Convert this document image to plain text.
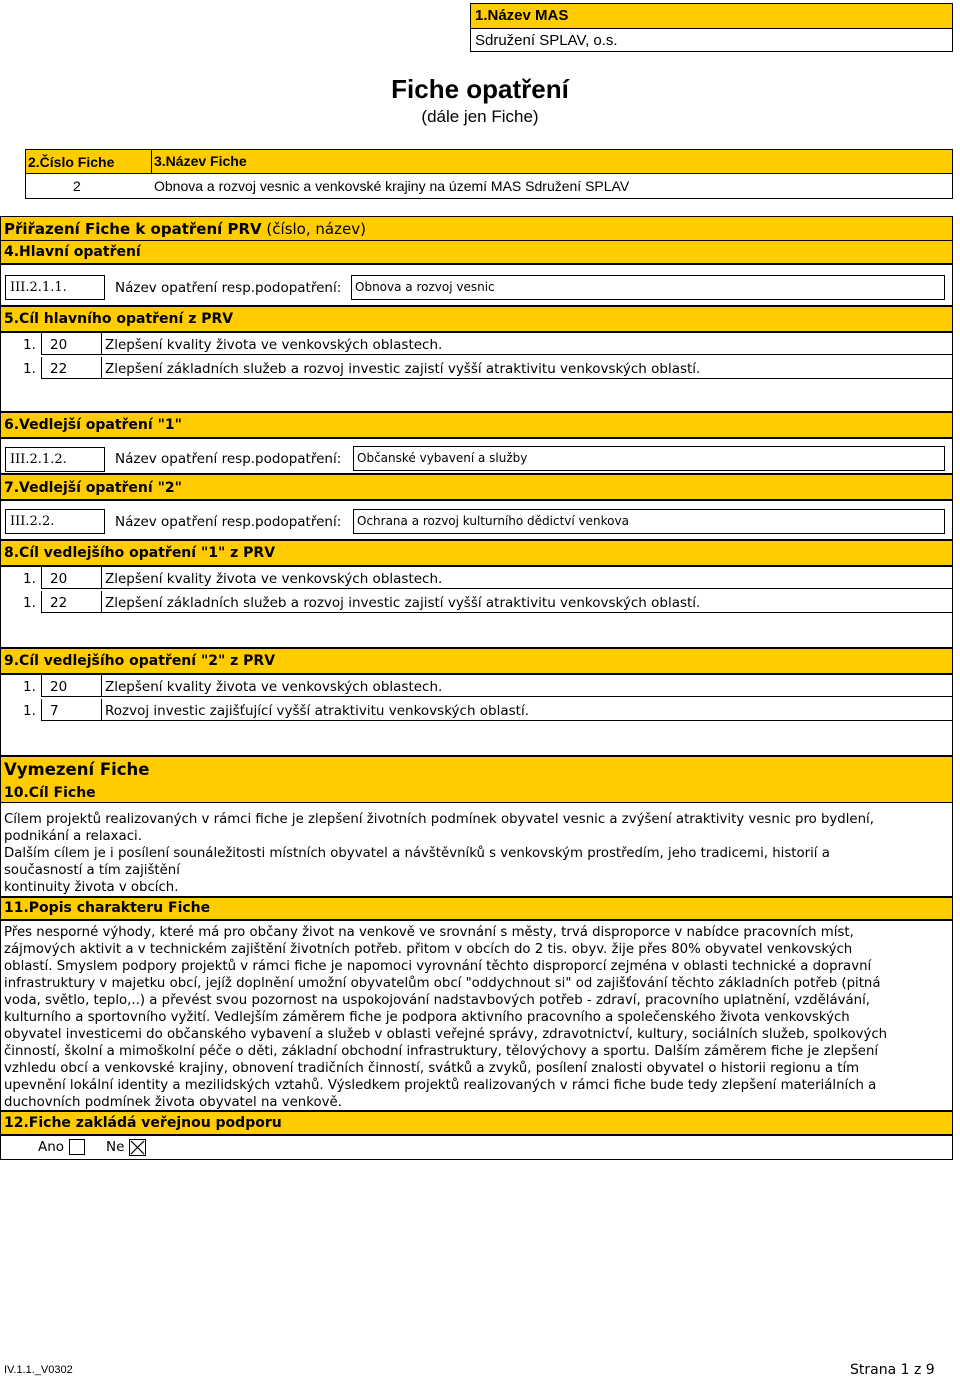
1.Název MAS
Sdružení SPLAV, o.s.
Fiche opatření
(dále jen Fiche)
2.Číslo Fiche	3.Název Fiche
2	Obnova a rozvoj vesnic a venkovské krajiny na území MAS Sdružení SPLAV
Přiřazení Fiche k opatření PRV (číslo, název)
4.Hlavní opatření
III.2.1.1.	Název opatření resp.podopatření:	Obnova a rozvoj vesnic
5.Cíl hlavního opatření z PRV
1. 20	Zlepšení kvality života ve venkovských oblastech.
1. 22	Zlepšení základních služeb a rozvoj investic zajistí vyšší atraktivitu venkovských oblastí.
6.Vedlejší opatření "1"
III.2.1.2.	Název opatření resp.podopatření:	Občanské vybavení a služby
7.Vedlejší opatření "2"
III.2.2.	Název opatření resp.podopatření:	Ochrana a rozvoj kulturního dědictví venkova
8.Cíl vedlejšího opatření "1" z PRV
1. 20	Zlepšení kvality života ve venkovských oblastech.
1. 22	Zlepšení základních služeb a rozvoj investic zajistí vyšší atraktivitu venkovských oblastí.
9.Cíl vedlejšího opatření "2" z PRV
1. 20	Zlepšení kvality života ve venkovských oblastech.
1. 7	Rozvoj investic zajišťující vyšší atraktivitu venkovských oblastí.
Vymezení Fiche
10.Cíl Fiche
Cílem projektů realizovaných v rámci fiche je zlepšení životních podmínek obyvatel vesnic a zvýšení atraktivity vesnic pro bydlení,
podnikání a relaxaci.
Dalším cílem je i posílení sounáležitosti místních obyvatel a návštěvníků s venkovským prostředím, jeho tradicemi, historií a
současností a tím zajištění
kontinuity života v obcích.
11.Popis charakteru Fiche
Přes nesporné výhody, které má pro občany život na venkově ve srovnání s městy, trvá disproporce v nabídce pracovních míst,
zájmových aktivit a v technickém zajištění životních potřeb. přitom v obcích do 2 tis. obyv. žije přes 80% obyvatel venkovských
oblastí. Smyslem podpory projektů v rámci fiche je napomoci vyrovnání těchto disproporcí zejména v oblasti technické a dopravní
infrastruktury v majetku obcí, jejíž doplnění umožní obyvatelům obcí "oddychnout si" od zajišťování těchto základních potřeb (pitná
voda, světlo, teplo,..) a převést svou pozornost na uspokojování nadstavbových potřeb - zdraví, pracovního uplatnění, vzdělávání,
kulturního a sportovního vyžití. Vedlejším záměrem fiche je podpora aktivního pracovního a společenského života venkovských
obyvatel investicemi do občanského vybavení a služeb v oblasti veřejné správy, zdravotnictví, kultury, sociálních služeb, spolkových
činností, školní a mimoškolní péče o děti, základní obchodní infrastruktury, tělovýchovy a sportu. Dalším záměrem fiche je zlepšení
vzhledu obcí a venkovské krajiny, obnovení tradičních činností, svátků a zvyků, posílení znalosti obyvatel o historii regionu a tím
upevnění lokální identity a mezilidských vztahů. Výsledkem projektů realizovaných v rámci fiche bude tedy zlepšení materiálních a
duchovních podmínek života obyvatel na venkově.
12.Fiche zakládá veřejnou podporu
Ano	Ne
IV.1.1._V0302	Strana 1 z 9
